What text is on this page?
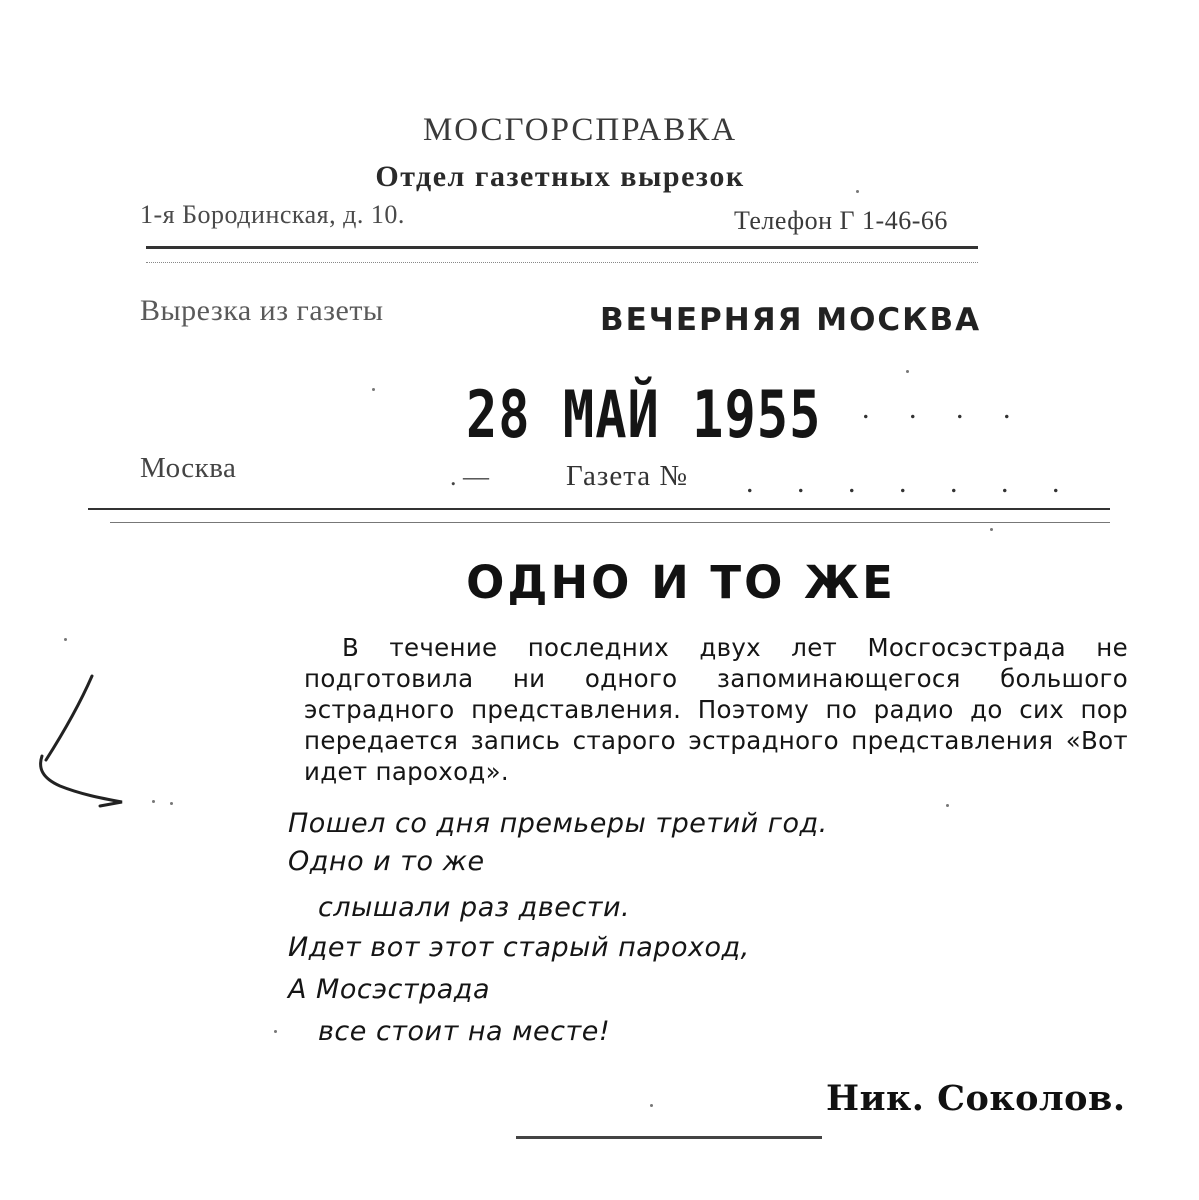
МОСГОРСПРАВКА
Отдел газетных вырезок
1-я Бородинская, д. 10.	Телефон Г 1-46-66
Вырезка из газеты	ВЕЧЕРНЯЯ МОСКВА
28 МАЙ 1955 . . . .
Москва	. —	Газета № . . . . . . .
ОДНО И ТО ЖЕ
В течение последних двух лет Мосгосэстрада не подготовила ни одного запоминающегося большого эстрадного представления. Поэтому по радио до сих пор передается запись старого эстрадного представления «Вот идет пароход».
Пошел со дня премьеры третий год.
Одно и то же
слышали раз двести.
Идет вот этот старый пароход,
А Мосэстрада
все стоит на месте!
Ник. Соколов.
